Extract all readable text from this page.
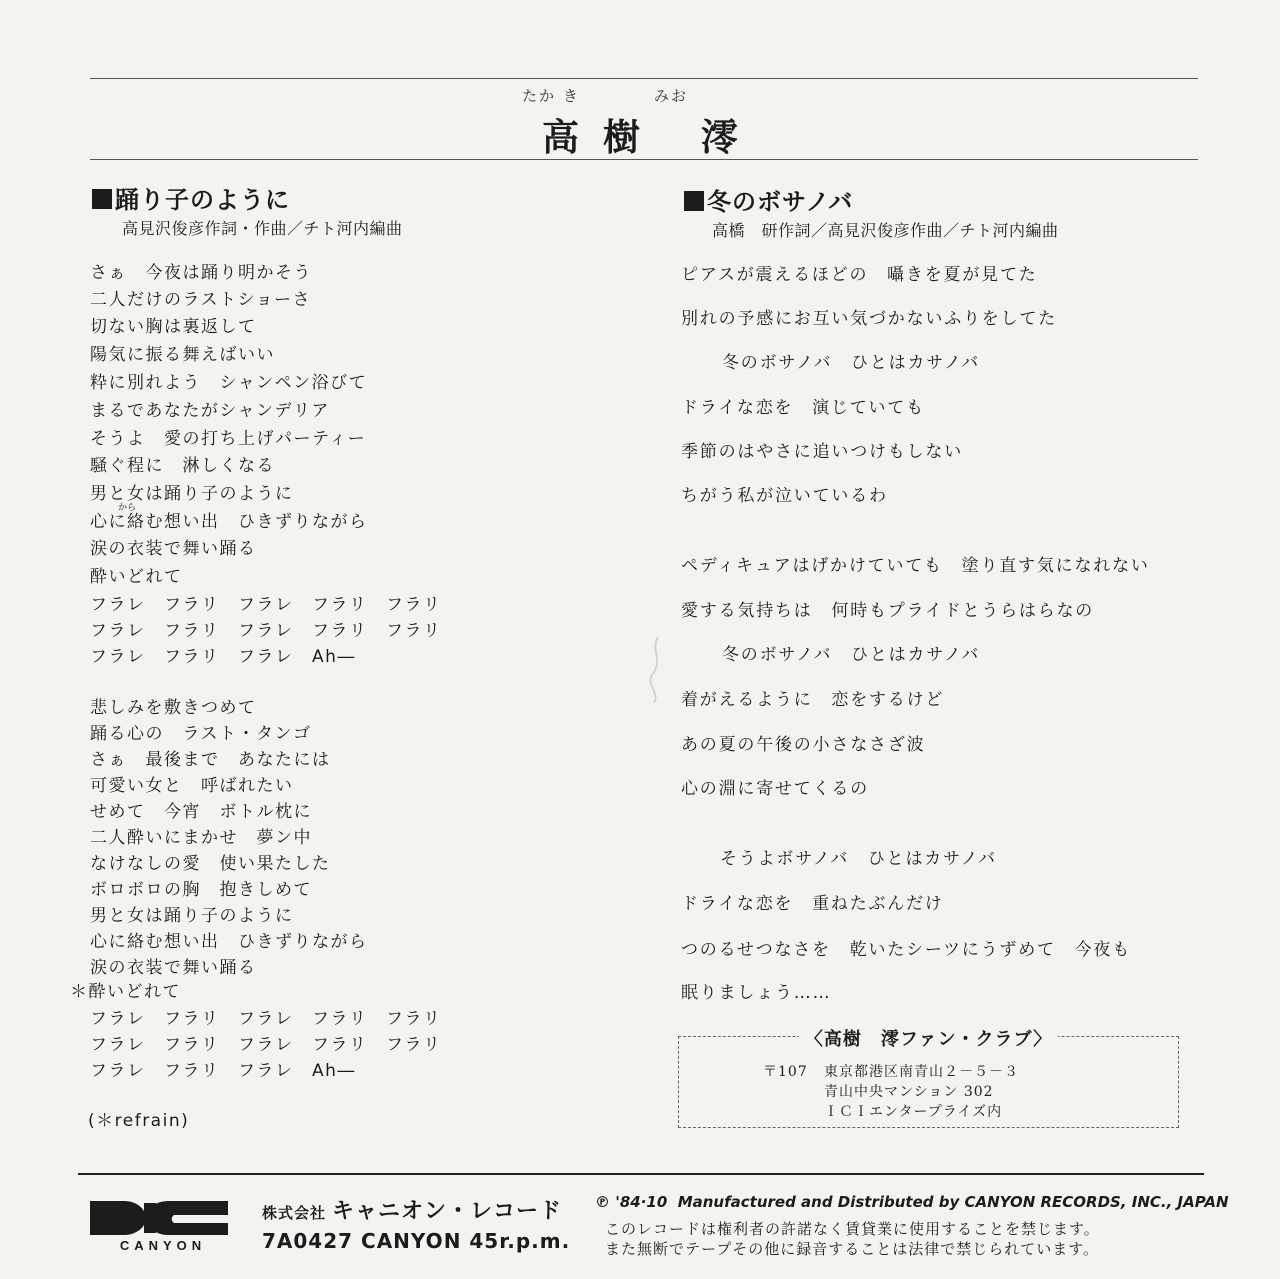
たか き	みお
高樹 澪
踊り子のように
高見沢俊彦作詞・作曲／チト河内編曲
さぁ　今夜は踊り明かそう
二人だけのラストショーさ
切ない胸は裏返して
陽気に振る舞えばいい
粋に別れよう　シャンペン浴びて
まるであなたがシャンデリア
そうよ　愛の打ち上げパーティー
騒ぐ程に　淋しくなる
男と女は踊り子のように
心に絡む想い出　ひきずりながら
涙の衣装で舞い踊る
酔いどれて
フラレ　フラリ　フラレ　フラリ　フラリ
フラレ　フラリ　フラレ　フラリ　フラリ
フラレ　フラリ　フラレ　Ah―
悲しみを敷きつめて
踊る心の　ラスト・タンゴ
さぁ　最後まで　あなたには
可愛い女と　呼ばれたい
せめて　今宵　ボトル枕に
二人酔いにまかせ　夢ン中
なけなしの愛　使い果たした
ボロボロの胸　抱きしめて
男と女は踊り子のように
心に絡む想い出　ひきずりながら
涙の衣装で舞い踊る
＊酔いどれて
フラレ　フラリ　フラレ　フラリ　フラリ
フラレ　フラリ　フラレ　フラリ　フラリ
フラレ　フラリ　フラレ　Ah―
(＊refrain)
から
冬のボサノバ
高橋　研作詞／高見沢俊彦作曲／チト河内編曲
ピアスが震えるほどの　囁きを夏が見てた
別れの予感にお互い気づかないふりをしてた
冬のボサノバ　ひとはカサノバ
ドライな恋を　演じていても
季節のはやさに追いつけもしない
ちがう私が泣いているわ
ペディキュアはげかけていても　塗り直す気になれない
愛する気持ちは　何時もプライドとうらはらなの
冬のボサノバ　ひとはカサノバ
着がえるように　恋をするけど
あの夏の午後の小さなさざ波
心の淵に寄せてくるの
そうよボサノバ　ひとはカサノバ
ドライな恋を　重ねたぶんだけ
つのるせつなさを　乾いたシーツにうずめて　今夜も
眠りましょう……
〈高樹　澪ファン・クラブ〉
〒107 東京都港区南青山２－５－３
青山中央マンション 302
ＩＣＩエンタープライズ内
CANYON
株式会社 キャニオン・レコード
7A0427 CANYON 45r.p.m.
℗ '84·10  Manufactured and Distributed by CANYON RECORDS, INC., JAPAN
このレコードは権利者の許諾なく賃貸業に使用することを禁じます。
また無断でテープその他に録音することは法律で禁じられています。
